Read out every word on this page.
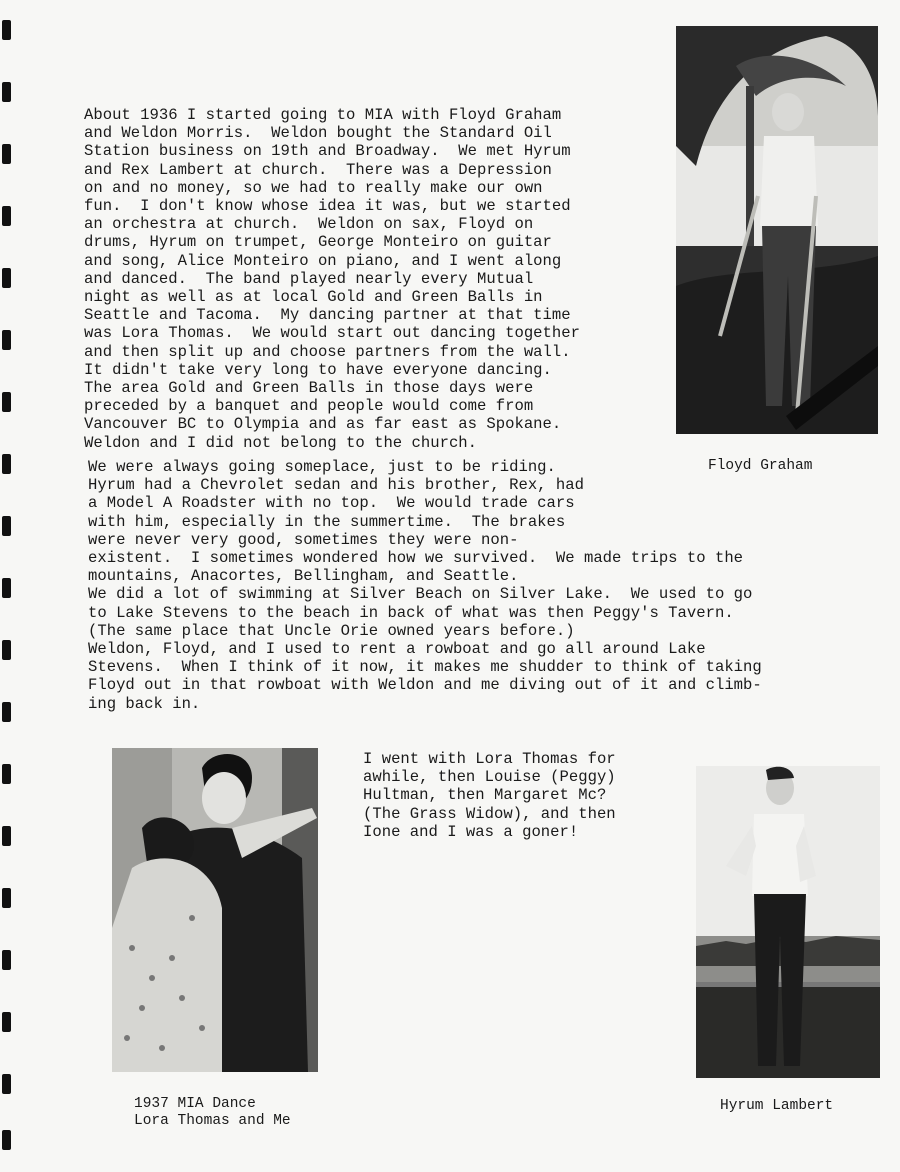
About 1936 I started going to MIA with Floyd Graham
and Weldon Morris.  Weldon bought the Standard Oil
Station business on 19th and Broadway.  We met Hyrum
and Rex Lambert at church.  There was a Depression
on and no money, so we had to really make our own
fun.  I don't know whose idea it was, but we started
an orchestra at church.  Weldon on sax, Floyd on
drums, Hyrum on trumpet, George Monteiro on guitar
and song, Alice Monteiro on piano, and I went along
and danced.  The band played nearly every Mutual
night as well as at local Gold and Green Balls in
Seattle and Tacoma.  My dancing partner at that time
was Lora Thomas.  We would start out dancing together
and then split up and choose partners from the wall.
It didn't take very long to have everyone dancing.
The area Gold and Green Balls in those days were
preceded by a banquet and people would come from
Vancouver BC to Olympia and as far east as Spokane.
Weldon and I did not belong to the church.
We were always going someplace, just to be riding.
Hyrum had a Chevrolet sedan and his brother, Rex, had
a Model A Roadster with no top.  We would trade cars
with him, especially in the summertime.  The brakes
were never very good, sometimes they were non-
existent.  I sometimes wondered how we survived.  We made trips to the
mountains, Anacortes, Bellingham, and Seattle.
We did a lot of swimming at Silver Beach on Silver Lake.  We used to go
to Lake Stevens to the beach in back of what was then Peggy's Tavern.
(The same place that Uncle Orie owned years before.)
Weldon, Floyd, and I used to rent a rowboat and go all around Lake
Stevens.  When I think of it now, it makes me shudder to think of taking
Floyd out in that rowboat with Weldon and me diving out of it and climb-
ing back in.
I went with Lora Thomas for
awhile, then Louise (Peggy)
Hultman, then Margaret Mc?
(The Grass Widow), and then
Ione and I was a goner!
Floyd Graham
1937 MIA Dance
Lora Thomas and Me
Hyrum Lambert
